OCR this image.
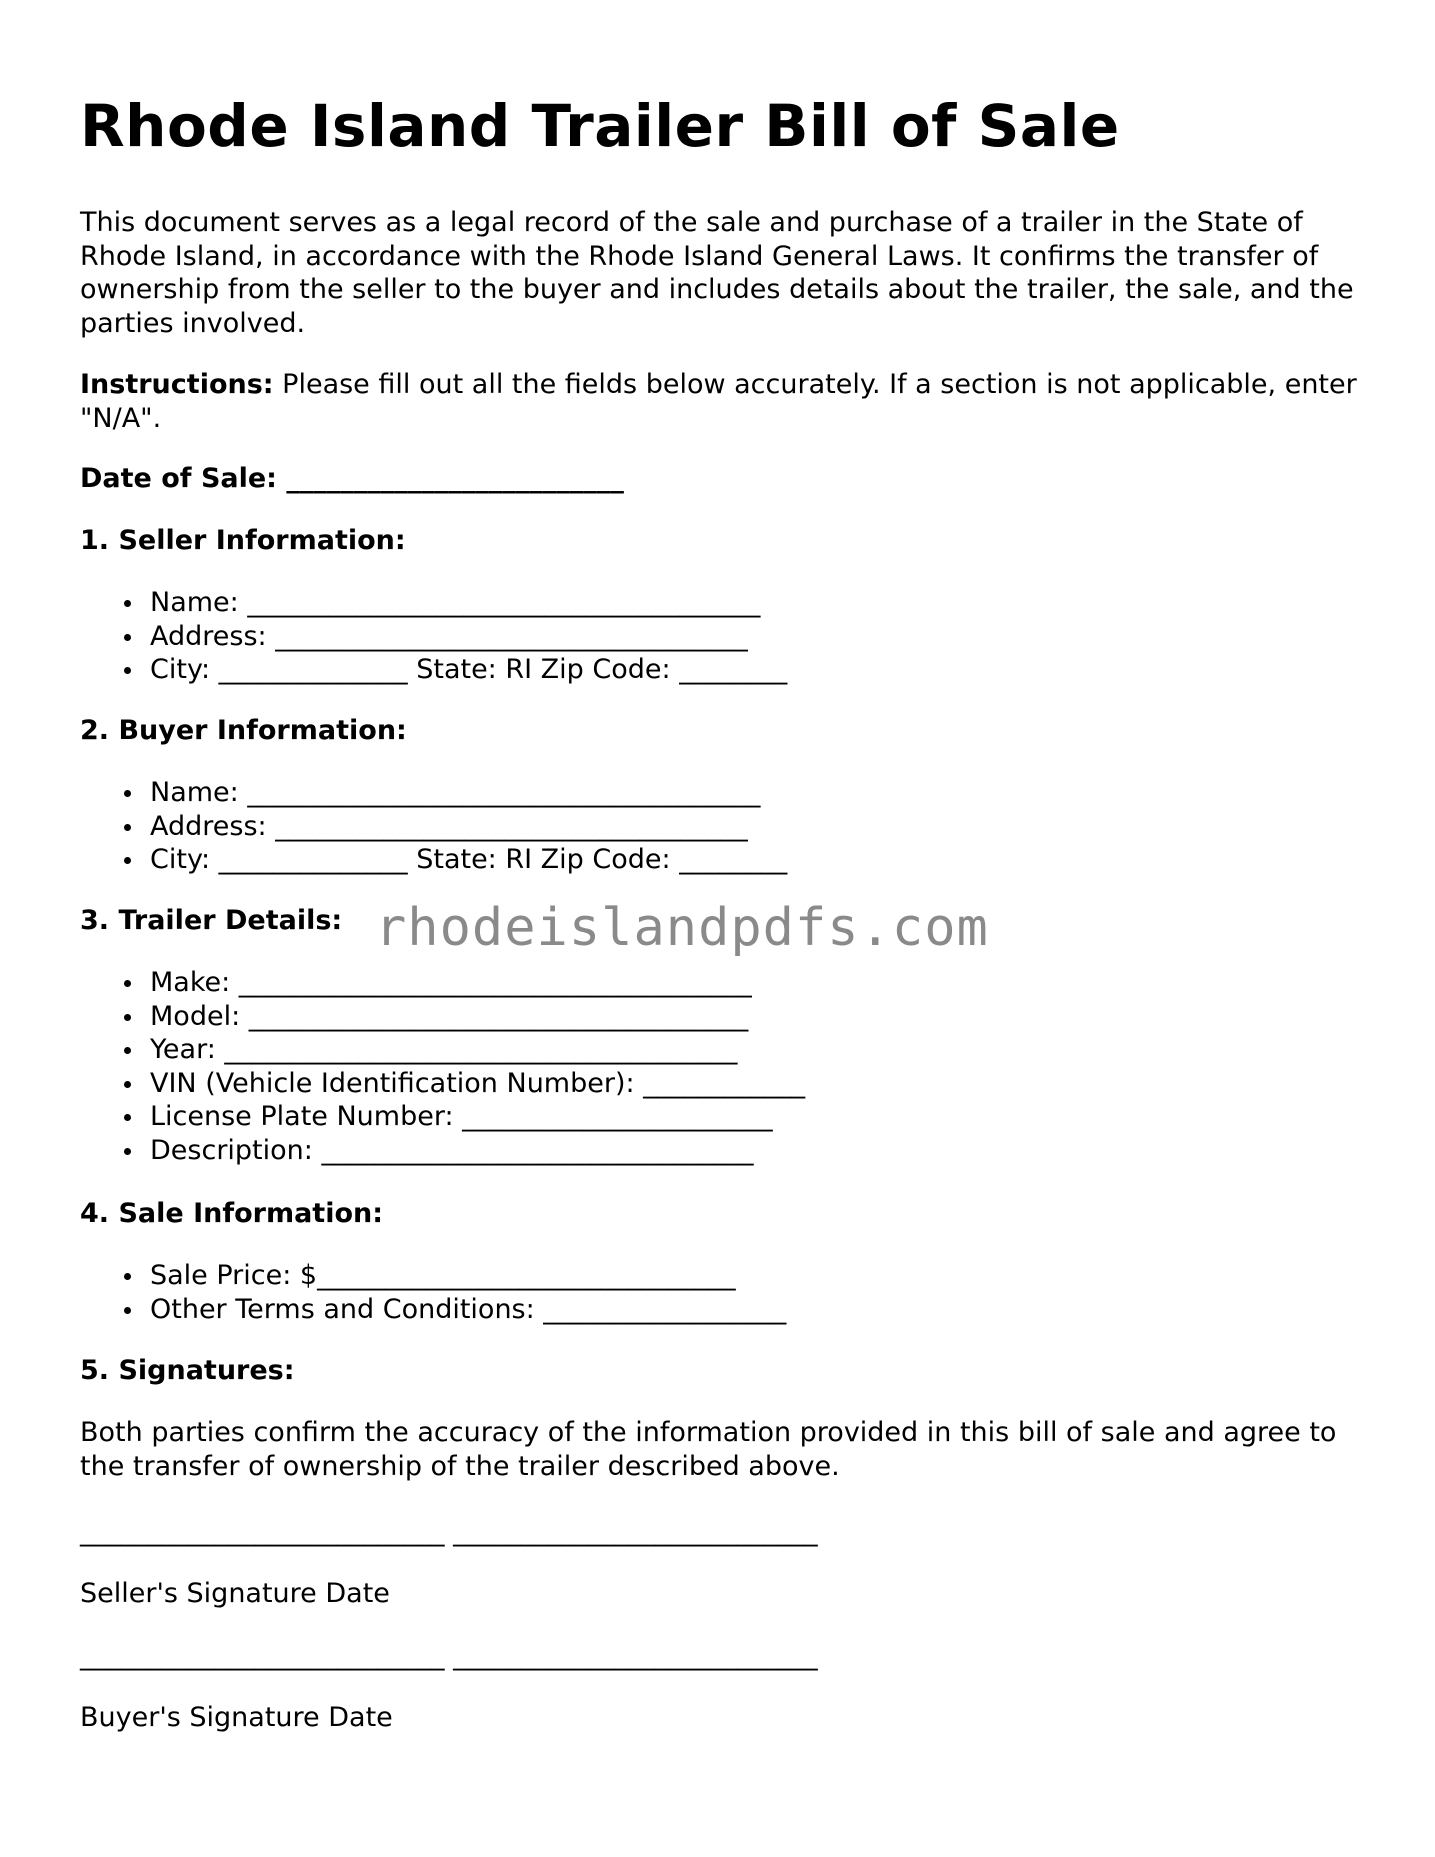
Rhode Island Trailer Bill of Sale

This document serves as a legal record of the sale and purchase of a trailer in the State of Rhode Island, in accordance with the Rhode Island General Laws. It confirms the transfer of ownership from the seller to the buyer and includes details about the trailer, the sale, and the parties involved.

Instructions: Please fill out all the fields below accurately. If a section is not applicable, enter "N/A".

Date of Sale: _________________________

1. Seller Information:

Name: ______________________________________
Address: ___________________________________
City: ______________ State: RI Zip Code: ________

2. Buyer Information:

Name: ______________________________________
Address: ___________________________________
City: ______________ State: RI Zip Code: ________

3. Trailer Details:

Make: ______________________________________
Model: _____________________________________
Year: ______________________________________
VIN (Vehicle Identification Number): ____________
License Plate Number: _______________________
Description: ________________________________

4. Sale Information:

Sale Price: $_______________________________
Other Terms and Conditions: __________________

5. Signatures:

Both parties confirm the accuracy of the information provided in this bill of sale and agree to the transfer of ownership of the trailer described above.

___________________________ ___________________________

Seller's Signature Date

___________________________ ___________________________

Buyer's Signature Date

rhodeislandpdfs.com
